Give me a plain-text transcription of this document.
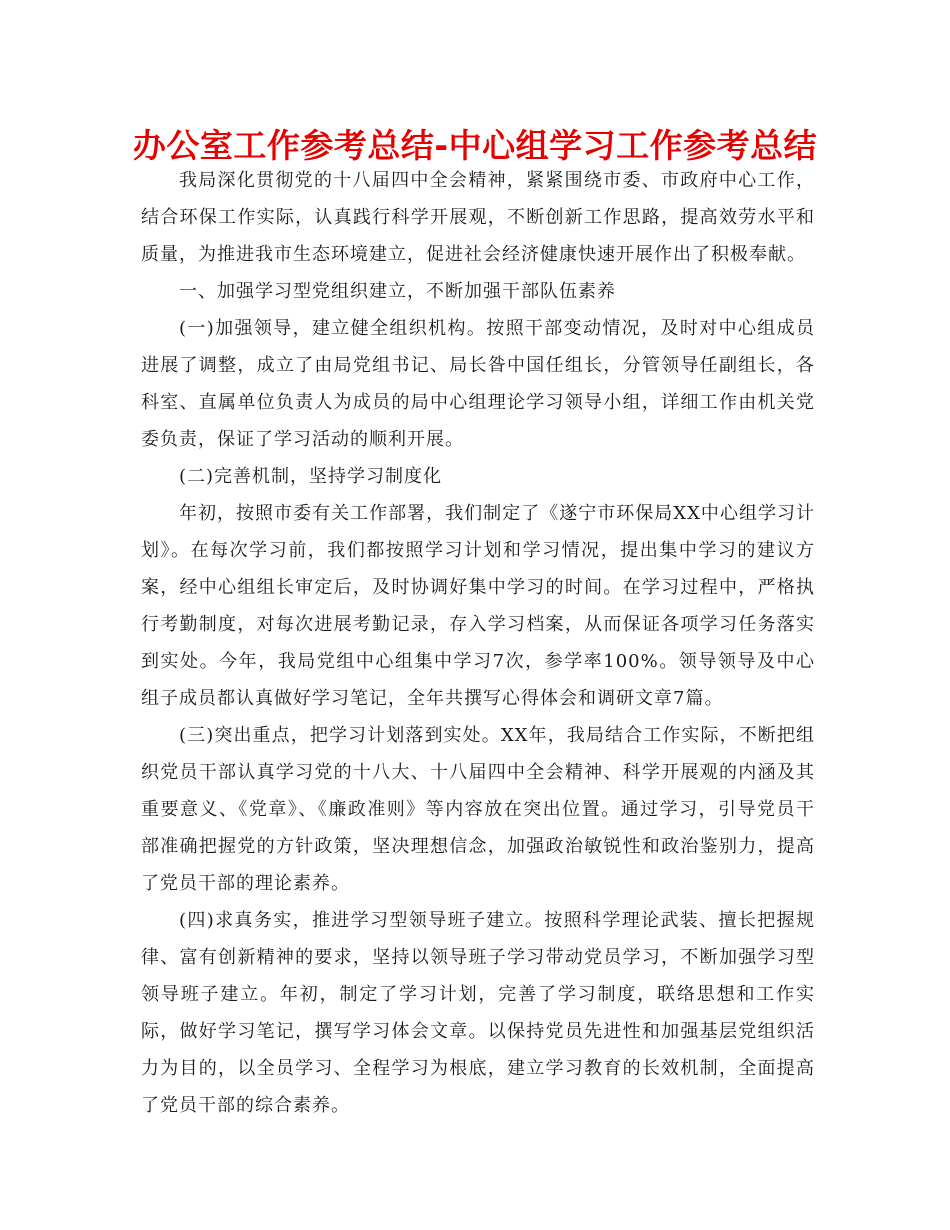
办公室工作参考总结-中心组学习工作参考总结

我局深化贯彻党的十八届四中全会精神，紧紧围绕市委、市政府中心工作，结合环保工作实际，认真践行科学开展观，不断创新工作思路，提高效劳水平和质量，为推进我市生态环境建立，促进社会经济健康快速开展作出了积极奉献。

一、加强学习型党组织建立，不断加强干部队伍素养

(一)加强领导，建立健全组织机构。按照干部变动情况，及时对中心组成员进展了调整，成立了由局党组书记、局长昝中国任组长，分管领导任副组长，各科室、直属单位负责人为成员的局中心组理论学习领导小组，详细工作由机关党委负责，保证了学习活动的顺利开展。

(二)完善机制，坚持学习制度化

年初，按照市委有关工作部署，我们制定了《遂宁市环保局XX中心组学习计划》。在每次学习前，我们都按照学习计划和学习情况，提出集中学习的建议方案，经中心组组长审定后，及时协调好集中学习的时间。在学习过程中，严格执行考勤制度，对每次进展考勤记录，存入学习档案，从而保证各项学习任务落实到实处。今年，我局党组中心组集中学习7次，参学率100%。领导领导及中心组子成员都认真做好学习笔记，全年共撰写心得体会和调研文章7篇。

(三)突出重点，把学习计划落到实处。XX年，我局结合工作实际，不断把组织党员干部认真学习党的十八大、十八届四中全会精神、科学开展观的内涵及其重要意义、《党章》、《廉政准则》等内容放在突出位置。通过学习，引导党员干部准确把握党的方针政策，坚决理想信念，加强政治敏锐性和政治鉴别力，提高了党员干部的理论素养。

(四)求真务实，推进学习型领导班子建立。按照科学理论武装、擅长把握规律、富有创新精神的要求，坚持以领导班子学习带动党员学习，不断加强学习型领导班子建立。年初，制定了学习计划，完善了学习制度，联络思想和工作实际，做好学习笔记，撰写学习体会文章。以保持党员先进性和加强基层党组织活力为目的，以全员学习、全程学习为根底，建立学习教育的长效机制，全面提高了党员干部的综合素养。
